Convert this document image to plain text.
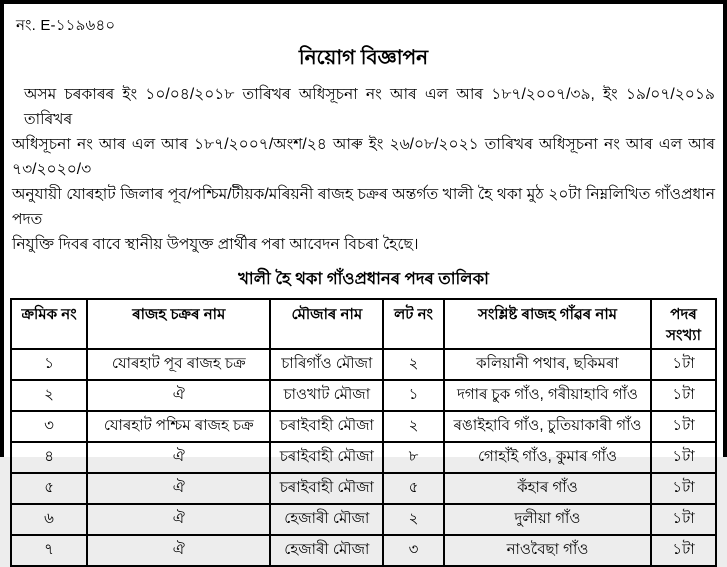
নং. E-১১৯৬৪০
নিয়োগ বিজ্ঞাপন
অসম চৰকাৰৰ ইং ১০/০৪/২০১৮ তাৰিখৰ অধিসূচনা নং আৰ এল আৰ ১৮৭/২০০৭/৩৯, ইং ১৯/০৭/২০১৯ তাৰিখৰ
অধিসূচনা নং আৰ এল আৰ ১৮৭/২০০৭/অংশ/২৪ আৰু ইং ২৬/০৮/২০২১ তাৰিখৰ অধিসূচনা নং আৰ এল আৰ ৭৩/২০২০/৩
অনুযায়ী যোৰহাট জিলাৰ পূব/পশ্চিম/টীয়ক/মৰিয়নী ৰাজহ চক্ৰৰ অন্তৰ্গত খালী হৈ থকা মুঠ ২০টা নিম্নলিখিত গাঁওপ্ৰধান পদত
নিযুক্তি দিবৰ বাবে স্থানীয় উপযুক্ত প্ৰাৰ্থীৰ পৰা আবেদন বিচৰা হৈছে।
খালী হৈ থকা গাঁওপ্ৰধানৰ পদৰ তালিকা
ক্ৰমিক নং	ৰাজহ চক্ৰৰ নাম	মৌজাৰ নাম	লট নং	সংশ্লিষ্ট ৰাজহ গাঁৱৰ নাম	পদৰ সংখ্যা
১	যোৰহাট পূব ৰাজহ চক্ৰ	চাৰিগাঁও মৌজা	২	কলিয়ানী পথাৰ, ছকিমৰা	১টা
২	ঐ	চাওখাট মৌজা	১	দগাৰ চুক গাঁও, গৰীয়াহাবি গাঁও	১টা
৩	যোৰহাট পশ্চিম ৰাজহ চক্ৰ	চৰাইবাহী মৌজা	২	ৰঙাইহাবি গাঁও, চুতিয়াকাৰী গাঁও	১টা
৪	ঐ	চৰাইবাহী মৌজা	৮	গোহাঁই গাঁও, কুমাৰ গাঁও	১টা
৫	ঐ	চৰাইবাহী মৌজা	৫	কঁহাৰ গাঁও	১টা
৬	ঐ	হেজাৰী মৌজা	২	দুলীয়া গাঁও	১টা
৭	ঐ	হেজাৰী মৌজা	৩	নাওবৈছা গাঁও	১টা
